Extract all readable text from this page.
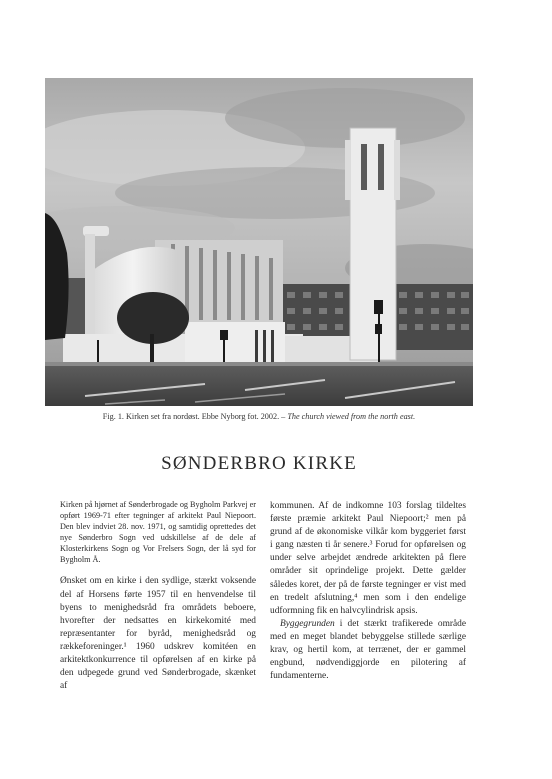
Fig. 1. Kirken set fra nordøst. Ebbe Nyborg fot. 2002. – The church viewed from the north east.
SØNDERBRO KIRKE

Kirken på hjørnet af Sønderbrogade og Bygholm Parkvej er opført 1969-71 efter tegninger af arkitekt Paul Niepoort. Den blev indviet 28. nov. 1971, og samtidig oprettedes det nye Sønderbro Sogn ved udskillelse af de dele af Klosterkirkens Sogn og Vor Frelsers Sogn, der lå syd for Bygholm Å.

Ønsket om en kirke i den sydlige, stærkt voksende del af Horsens førte 1957 til en henvendelse til byens to menighedsråd fra områdets beboere, hvorefter der nedsattes en kirkekomité med repræsentanter for byråd, menighedsråd og rækkeforeninger.¹ 1960 udskrev komitéen en arkitektkonkurrence til opførelsen af en kirke på den udpegede grund ved Sønderbrogade, skænket af

kommunen. Af de indkomne 103 forslag tildeltes første præmie arkitekt Paul Niepoort;² men på grund af de økonomiske vilkår kom byggeriet først i gang næsten ti år senere.³ Forud for opførelsen og under selve arbejdet ændrede arkitekten på flere områder sit oprindelige projekt. Dette gælder således koret, der på de første tegninger er vist med en tredelt afslutning,⁴ men som i den endelige udformning fik en halvcylindrisk apsis.

Byggegrunden i det stærkt trafikerede område med en meget blandet bebyggelse stillede særlige krav, og hertil kom, at terrænet, der er gammel engbund, nødvendiggjorde en pilotering af fundamenterne.
